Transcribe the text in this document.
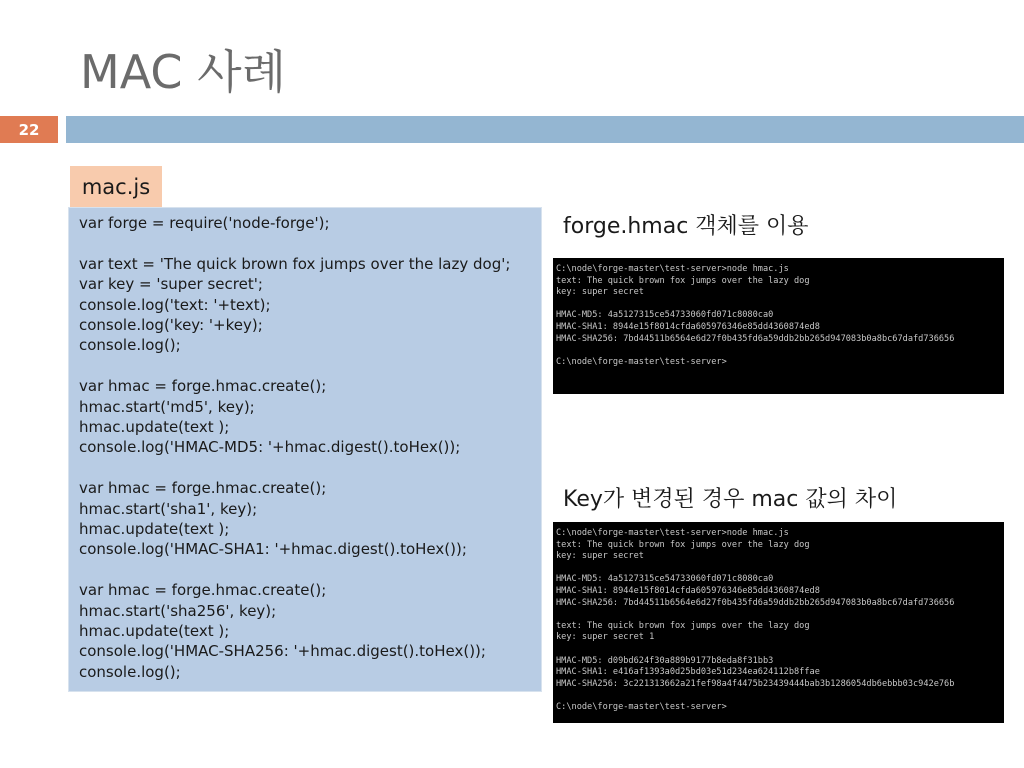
MAC 사례
22
mac.js
var forge = require('node-forge');
var text = 'The quick brown fox jumps over the lazy dog';
var key = 'super secret';
console.log('text: '+text);
console.log('key: '+key);
console.log();
var hmac = forge.hmac.create();
hmac.start('md5', key);
hmac.update(text );
console.log('HMAC-MD5: '+hmac.digest().toHex());
var hmac = forge.hmac.create();
hmac.start('sha1', key);
hmac.update(text );
console.log('HMAC-SHA1: '+hmac.digest().toHex());
var hmac = forge.hmac.create();
hmac.start('sha256', key);
hmac.update(text );
console.log('HMAC-SHA256: '+hmac.digest().toHex());
console.log();
forge.hmac 객체를 이용
C:\node\forge-master\test-server>node hmac.js
text: The quick brown fox jumps over the lazy dog
key: super secret
HMAC-MD5: 4a5127315ce54733060fd071c8080ca0
HMAC-SHA1: 8944e15f8014cfda605976346e85dd4360874ed8
HMAC-SHA256: 7bd44511b6564e6d27f0b435fd6a59ddb2bb265d947083b0a8bc67dafd736656
C:\node\forge-master\test-server>
Key가 변경된 경우 mac 값의 차이
C:\node\forge-master\test-server>node hmac.js
text: The quick brown fox jumps over the lazy dog
key: super secret
HMAC-MD5: 4a5127315ce54733060fd071c8080ca0
HMAC-SHA1: 8944e15f8014cfda605976346e85dd4360874ed8
HMAC-SHA256: 7bd44511b6564e6d27f0b435fd6a59ddb2bb265d947083b0a8bc67dafd736656
text: The quick brown fox jumps over the lazy dog
key: super secret 1
HMAC-MD5: d09bd624f30a889b9177b8eda8f31bb3
HMAC-SHA1: e416af1393a0d25bd03e51d234ea624112b8ffae
HMAC-SHA256: 3c221313662a21fef98a4f4475b23439444bab3b1286054db6ebbb03c942e76b
C:\node\forge-master\test-server>
